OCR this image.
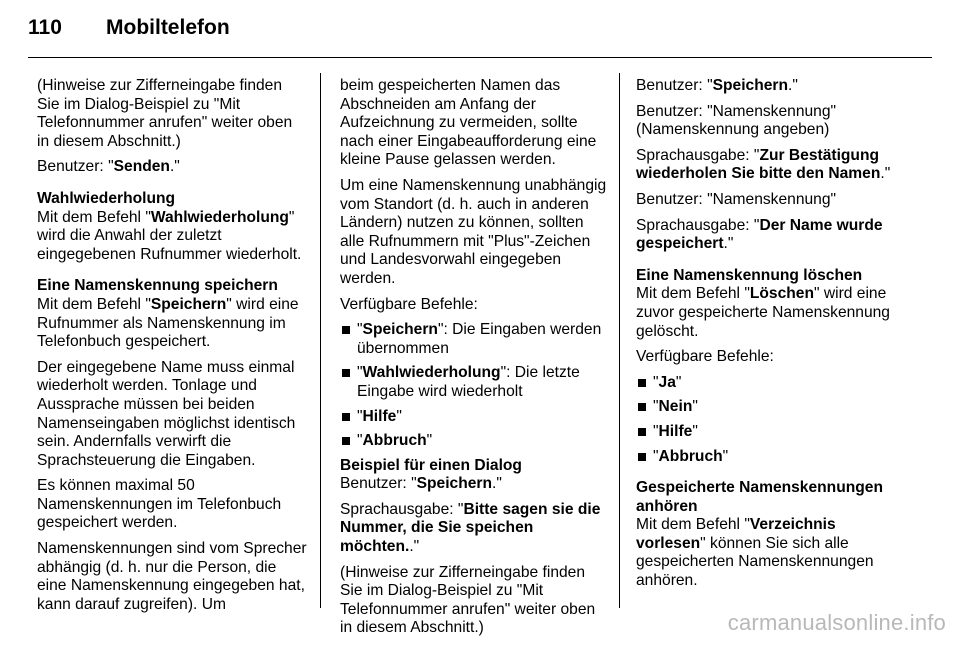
110	Mobiltelefon

(Hinweise zur Zifferneingabe finden Sie im Dialog-Beispiel zu "Mit Telefonnummer anrufen" weiter oben in diesem Abschnitt.)

Benutzer: "Senden."

Wahlwiederholung

Mit dem Befehl "Wahlwiederholung" wird die Anwahl der zuletzt eingegebenen Rufnummer wiederholt.

Eine Namenskennung speichern

Mit dem Befehl "Speichern" wird eine Rufnummer als Namenskennung im Telefonbuch gespeichert.

Der eingegebene Name muss einmal wiederholt werden. Tonlage und Aussprache müssen bei beiden Namenseingaben möglichst identisch sein. Andernfalls verwirft die Sprachsteuerung die Eingaben.

Es können maximal 50 Namenskennungen im Telefonbuch gespeichert werden.

Namenskennungen sind vom Sprecher abhängig (d. h. nur die Person, die eine Namenskennung eingegeben hat, kann darauf zugreifen). Um

beim gespeicherten Namen das Abschneiden am Anfang der Aufzeichnung zu vermeiden, sollte nach einer Eingabeaufforderung eine kleine Pause gelassen werden.

Um eine Namenskennung unabhängig vom Standort (d. h. auch in anderen Ländern) nutzen zu können, sollten alle Rufnummern mit "Plus"-Zeichen und Landesvorwahl eingegeben werden.

Verfügbare Befehle:

"Speichern": Die Eingaben werden übernommen
"Wahlwiederholung": Die letzte Eingabe wird wiederholt
"Hilfe"
"Abbruch"
Beispiel für einen Dialog

Benutzer: "Speichern."

Sprachausgabe: "Bitte sagen sie die Nummer, die Sie speichen möchten.."

(Hinweise zur Zifferneingabe finden Sie im Dialog-Beispiel zu "Mit Telefonnummer anrufen" weiter oben in diesem Abschnitt.)

Benutzer: "Speichern."

Benutzer: "Namenskennung" (Namenskennung angeben)

Sprachausgabe: "Zur Bestätigung wiederholen Sie bitte den Namen."

Benutzer: "Namenskennung"

Sprachausgabe: "Der Name wurde gespeichert."

Eine Namenskennung löschen

Mit dem Befehl "Löschen" wird eine zuvor gespeicherte Namenskennung gelöscht.

Verfügbare Befehle:

"Ja"
"Nein"
"Hilfe"
"Abbruch"
Gespeicherte Namenskennungen anhören

Mit dem Befehl "Verzeichnis vorlesen" können Sie sich alle gespeicherten Namenskennungen anhören.

carmanualsonline.info
